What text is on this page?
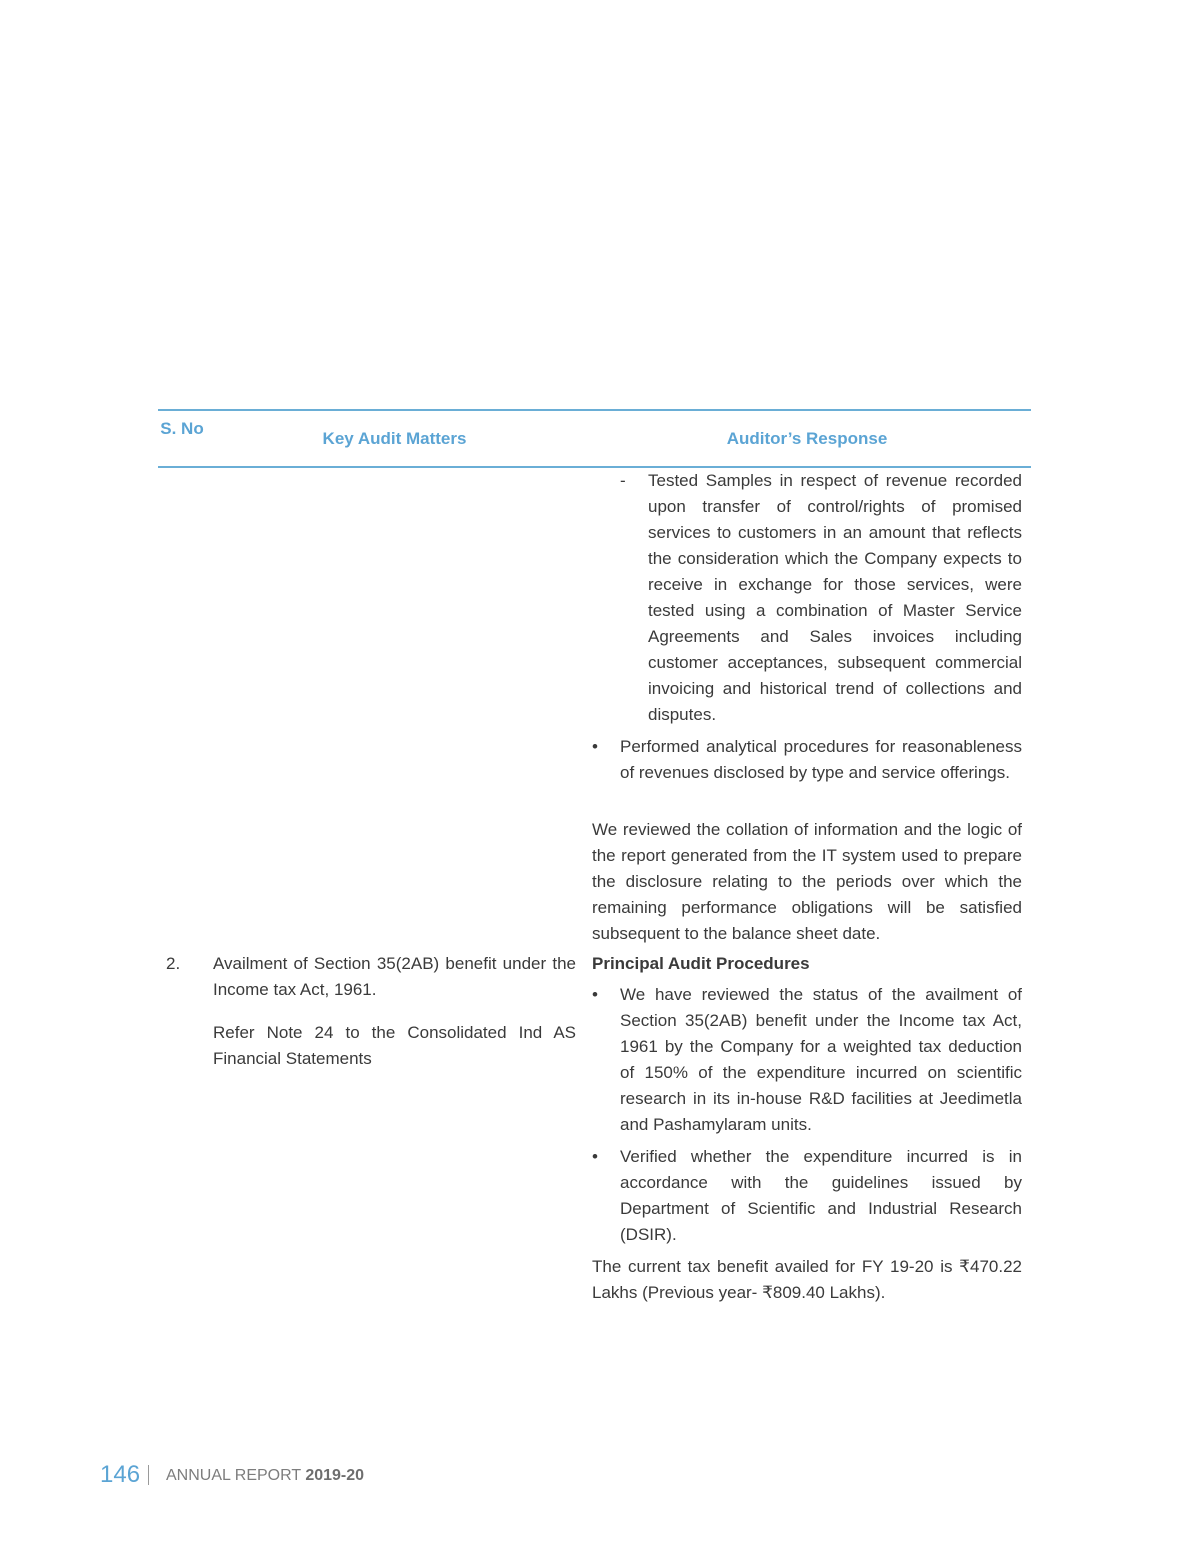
S. No
Key Audit Matters	Auditor’s Response
- Tested Samples in respect of revenue recorded upon transfer of control/rights of promised services to customers in an amount that reflects the consideration which the Company expects to receive in exchange for those services, were tested using a combination of Master Service Agreements and Sales invoices including customer acceptances, subsequent commercial invoicing and historical trend of collections and disputes.
• Performed analytical procedures for reasonableness of revenues disclosed by type and service offerings.
We reviewed the collation of information and the logic of the report generated from the IT system used to prepare the disclosure relating to the periods over which the remaining performance obligations will be satisfied subsequent to the balance sheet date.
2.	Availment of Section 35(2AB) benefit under the Income tax Act, 1961.
Refer Note 24 to the Consolidated Ind AS Financial Statements
Principal Audit Procedures
• We have reviewed the status of the availment of Section 35(2AB) benefit under the Income tax Act, 1961 by the Company for a weighted tax deduction of 150% of the expenditure incurred on scientific research in its in-house R&D facilities at Jeedimetla and Pashamylaram units.
• Verified whether the expenditure incurred is in accordance with the guidelines issued by Department of Scientific and Industrial Research (DSIR).
The current tax benefit availed for FY 19-20 is ₹470.22 Lakhs (Previous year- ₹809.40 Lakhs).
146 ANNUAL REPORT 2019-20
